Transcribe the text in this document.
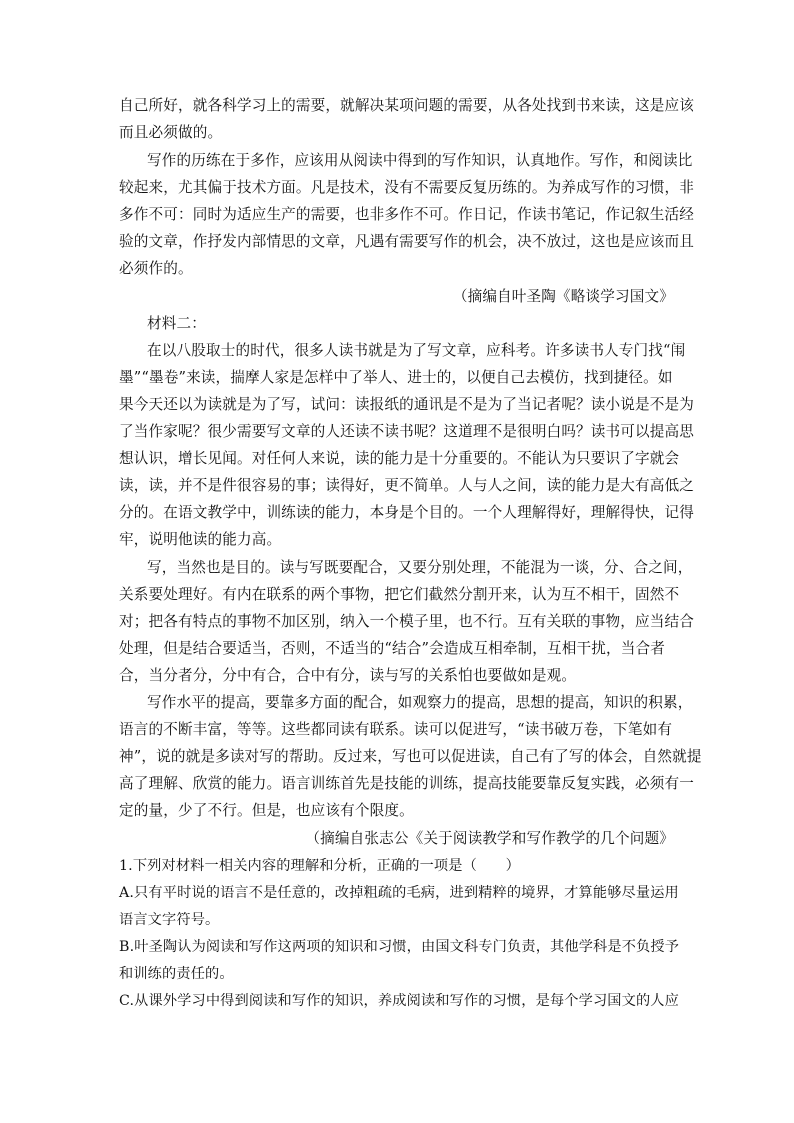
自己所好，就各科学习上的需要，就解决某项问题的需要，从各处找到书来读，这是应该
而且必须做的。
写作的历练在于多作，应该用从阅读中得到的写作知识，认真地作。写作，和阅读比
较起来，尤其偏于技术方面。凡是技术，没有不需要反复历练的。为养成写作的习惯，非
多作不可：同时为适应生产的需要，也非多作不可。作日记，作读书笔记，作记叙生活经
验的文章，作抒发内部情思的文章，凡遇有需要写作的机会，决不放过，这也是应该而且
必须作的。
（摘编自叶圣陶《略谈学习国文》
材料二：
在以八股取士的时代，很多人读书就是为了写文章，应科考。许多读书人专门找“闱
墨”“墨卷”来读，揣摩人家是怎样中了举人、进士的，以便自己去模仿，找到捷径。如
果今天还以为读就是为了写，试问：读报纸的通讯是不是为了当记者呢？读小说是不是为
了当作家呢？很少需要写文章的人还读不读书呢？这道理不是很明白吗？读书可以提高思
想认识，增长见闻。对任何人来说，读的能力是十分重要的。不能认为只要识了字就会
读，读，并不是件很容易的事；读得好，更不简单。人与人之间，读的能力是大有高低之
分的。在语文教学中，训练读的能力，本身是个目的。一个人理解得好，理解得快，记得
牢，说明他读的能力高。
写，当然也是目的。读与写既要配合，又要分别处理，不能混为一谈，分、合之间，
关系要处理好。有内在联系的两个事物，把它们截然分割开来，认为互不相干，固然不
对；把各有特点的事物不加区别，纳入一个模子里，也不行。互有关联的事物，应当结合
处理，但是结合要适当，否则，不适当的“结合”会造成互相牵制，互相干扰，当合者
合，当分者分，分中有合，合中有分，读与写的关系怕也要做如是观。
写作水平的提高，要靠多方面的配合，如观察力的提高，思想的提高，知识的积累，
语言的不断丰富，等等。这些都同读有联系。读可以促进写，“读书破万卷，下笔如有
神”，说的就是多读对写的帮助。反过来，写也可以促进读，自己有了写的体会，自然就提
高了理解、欣赏的能力。语言训练首先是技能的训练，提高技能要靠反复实践，必须有一
定的量，少了不行。但是，也应该有个限度。
（摘编自张志公《关于阅读教学和写作教学的几个问题》
1.下列对材料一相关内容的理解和分析，正确的一项是（　　）
A.只有平时说的语言不是任意的，改掉粗疏的毛病，进到精粹的境界，才算能够尽量运用
语言文字符号。
B.叶圣陶认为阅读和写作这两项的知识和习惯，由国文科专门负责，其他学科是不负授予
和训练的责任的。
C.从课外学习中得到阅读和写作的知识，养成阅读和写作的习惯，是每个学习国文的人应
